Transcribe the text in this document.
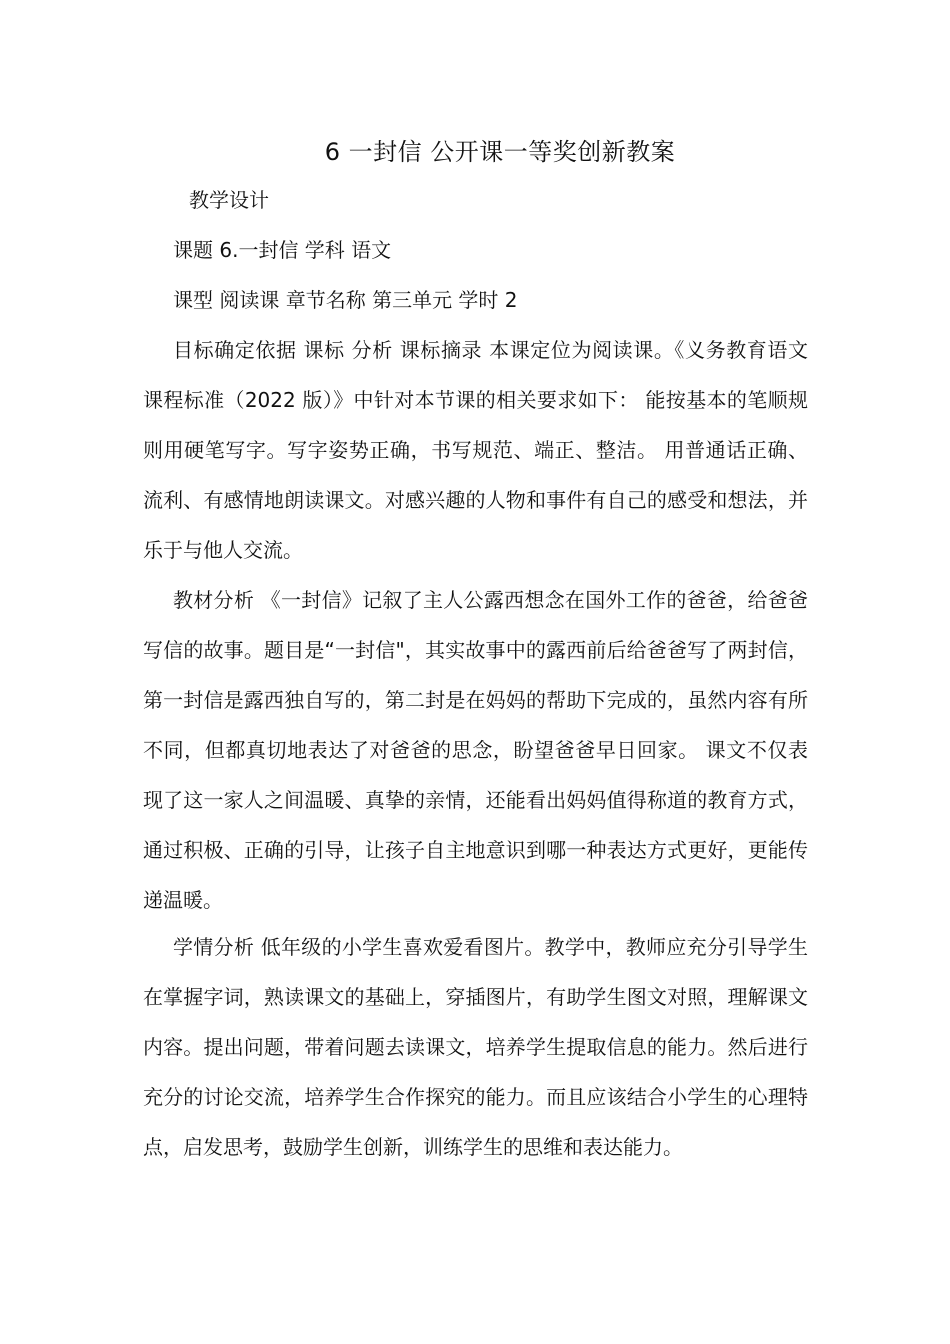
6 一封信 公开课一等奖创新教案
教学设计
课题 6.一封信 学科 语文
课型 阅读课 章节名称 第三单元 学时 2

目标确定依据 课标 分析 课标摘录 本课定位为阅读课。《义务教育语文课程标准（2022 版）》中针对本节课的相关要求如下： 能按基本的笔顺规则用硬笔写字。写字姿势正确，书写规范、端正、整洁。 用普通话正确、流利、有感情地朗读课文。对感兴趣的人物和事件有自己的感受和想法，并乐于与他人交流。

教材分析 《一封信》记叙了主人公露西想念在国外工作的爸爸，给爸爸写信的故事。题目是“一封信"，其实故事中的露西前后给爸爸写了两封信，第一封信是露西独自写的，第二封是在妈妈的帮助下完成的，虽然内容有所不同，但都真切地表达了对爸爸的思念，盼望爸爸早日回家。 课文不仅表现了这一家人之间温暖、真挚的亲情，还能看出妈妈值得称道的教育方式，通过积极、正确的引导，让孩子自主地意识到哪一种表达方式更好，更能传递温暖。

学情分析 低年级的小学生喜欢爱看图片。教学中，教师应充分引导学生在掌握字词，熟读课文的基础上，穿插图片，有助学生图文对照，理解课文内容。提出问题，带着问题去读课文，培养学生提取信息的能力。然后进行充分的讨论交流，培养学生合作探究的能力。而且应该结合小学生的心理特点，启发思考，鼓励学生创新，训练学生的思维和表达能力。
